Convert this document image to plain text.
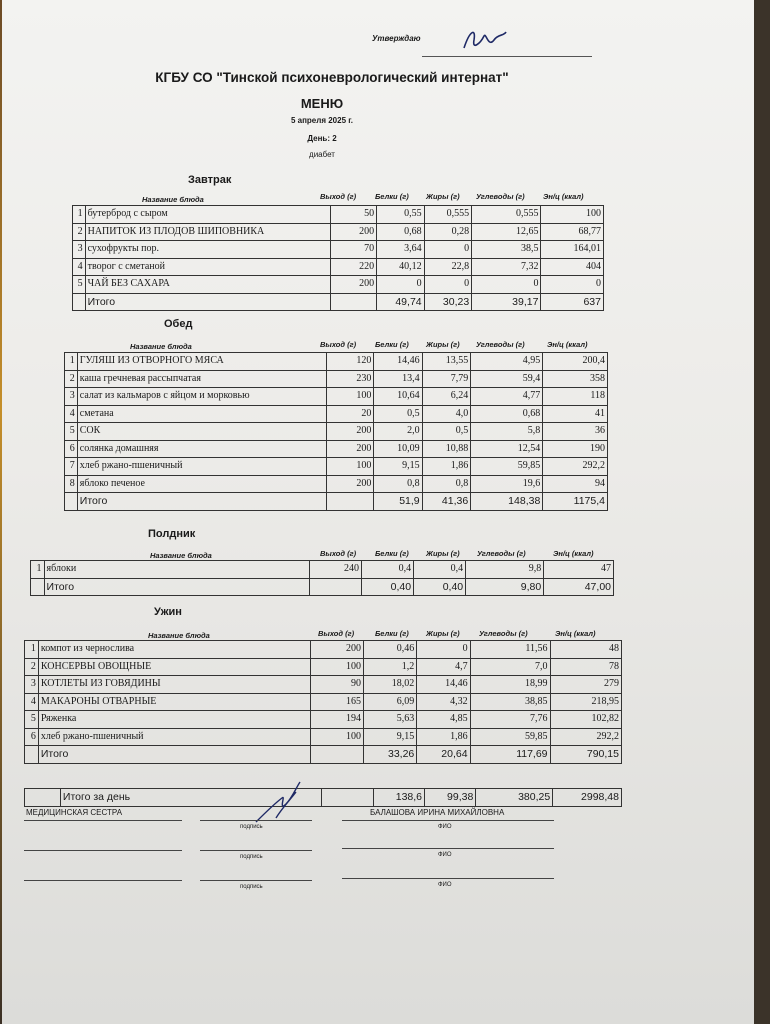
Утверждаю
КГБУ СО "Тинской психоневрологический интернат"
МЕНЮ
5 апреля 2025 г.
День: 2
диабет
Завтрак
Название блюда	Выход (г)	Белки (г) Жиры (г) Углеводы (г) Эн/ц (ккал)
1	бутерброд с сыром	50	0,55	0,555	0,555	100
2	НАПИТОК ИЗ ПЛОДОВ ШИПОВНИКА	200	0,68	0,28	12,65	68,77
3	сухофрукты пор.	70	3,64	0	38,5	164,01
4	творог с сметаной	220	40,12	22,8	7,32	404
5	ЧАЙ БЕЗ САХАРА	200	0	0	0	0
	Итого		49,74	30,23	39,17	637
Обед
Название блюда	Выход (г)	Белки (г) Жиры (г) Углеводы (г)	Эн/ц (ккал)
1	ГУЛЯШ ИЗ ОТВОРНОГО МЯСА	120	14,46	13,55	4,95	200,4
2	каша гречневая рассыпчатая	230	13,4	7,79	59,4	358
3	салат из кальмаров с яйцом и морковью	100	10,64	6,24	4,77	118
4	сметана	20	0,5	4,0	0,68	41
5	СОК	200	2,0	0,5	5,8	36
6	солянка домашняя	200	10,09	10,88	12,54	190
7	хлеб ржано-пшеничный	100	9,15	1,86	59,85	292,2
8	яблоко печеное	200	0,8	0,8	19,6	94
	Итого		51,9	41,36	148,38	1175,4
Полдник
Название блюда	Выход (г)	Белки (г) Жиры (г) Углеводы (г)	Эн/ц (ккал)
1	яблоки	240	0,4	0,4	9,8	47
	Итого		0,40	0,40	9,80	47,00
Ужин
Название блюда	Выход (г)	Белки (г) Жиры (г)	Углеводы (г)	Эн/ц (ккал)
1	компот из чернослива	200	0,46	0	11,56	48
2	КОНСЕРВЫ ОВОЩНЫЕ	100	1,2	4,7	7,0	78
3	КОТЛЕТЫ ИЗ ГОВЯДИНЫ	90	18,02	14,46	18,99	279
4	МАКАРОНЫ ОТВАРНЫЕ	165	6,09	4,32	38,85	218,95
5	Ряженка	194	5,63	4,85	7,76	102,82
6	хлеб ржано-пшеничный	100	9,15	1,86	59,85	292,2
	Итого		33,26	20,64	117,69	790,15
	Итого за день		138,6	99,38	380,25	2998,48
МЕДИЦИНСКАЯ СЕСТРА
подпись
БАЛАШОВА ИРИНА МИХАЙЛОВНА
ФИО
подпись	ФИО
подпись	ФИО
